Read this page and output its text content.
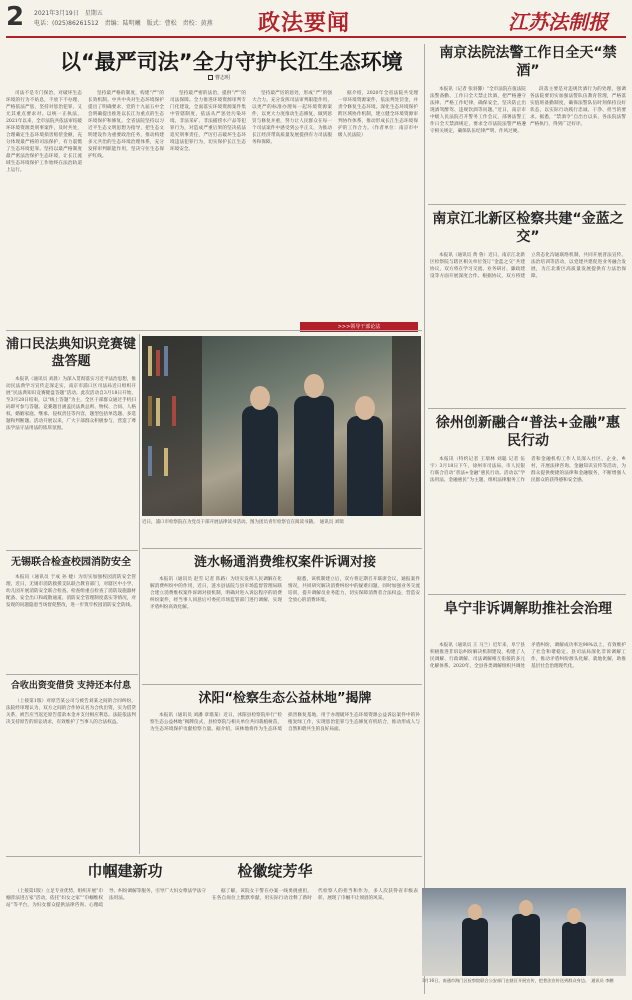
2 2021年3月19日　星期五
电话：(025)86261512　责编：陆明曦　版式：曹松　责校：黄燕 政法要闻	江苏法制报
以“最严司法”全力守护长江生态环境
曹志明

司法不是专门保治，对破坏生态环境的行为不姑息，不放下不办理，严格依法严惩，坚持对惩治犯罪，又尤其重点要求对。以统一正执法，2021年以来，全市法院共依法审结破坏环境资源类刑事案件，及时共处，合理确定生态环境损害赔偿金额，充分体现最严格的司法保护，有力震慑了生态环境犯罪。坚持以最严格制度最严密法治保护生态环境，让长江流域生态环境保护工作始终在法治轨道上运行。

坚持最严格的制度，构建“严”的长效机制。中共中央对生态环境保护提出了明确要求，党的十九届五中全会明确提出推进以长江为重点的生态环境保护和修复。全省法院坚持以习近平生态文明思想为指导，把生态文明建设作为重要政治任务，推动构建多元共治的生态环境治理体系，充分发挥审判职能作用，坚决守住生态保护红线。

坚持最严密的法治，提供“严”的司法保障。全力推进环境资源审判专门化建设，全面落实环境资源案件集中管辖制度，依法从严惩处污染环境、非法采矿、非法捕捞水产品等犯罪行为，对造成严重后果的坚决依法追究刑事责任，严厉打击破坏生态环境违法犯罪行为，切实保护长江生态环境安全。

坚持最严厉的惩处，形成“严”的强大合力。充分发挥司法审判职能作用，以更严的标准办理每一起环境资源案件，以更大力度推动生态修复，做到惩罚与修复并重，努力让人民群众在每一个司法案件中感受到公平正义，为推动长江经济带高质量发展提供有力司法服务和保障。

据介绍，2020年全省法院共受理一审环境资源案件，依法判处罚金，并责令修复生态环境。深化生态环境保护跨区域协作机制，建立健全环境资源审判协作体系，推动形成长江生态环境保护的工作合力。（作者单位：南京市中级人民法院）

>>>领导干部论法
南京法院法警工作日全天“禁酒”

本报讯（记者 张羽馨）“全市法院在值法院法警备勤、工作日全天禁止饮酒，把严格遵守法律、严格工作纪律，确保安全，坚决防止出现酒驾醉驾、违规饮酒等问题。”近日，南京市中级人民法院召开警务工作会议，部署法警工作日全天禁酒规定，要求全市法院法警严格遵守相关规定，确保队伍纪律严明、作风过硬。

段落主要是对违规饮酒行为的处理，强调各法院要切实加强法警队伍教育管理，严格落实值班备勤制度，确保法警队伍时刻保持良好状态，以实际行动践行忠诚、干净、担当的要求。据悉，“禁酒令”自出台以来，各法院法警严格执行，得到广泛好评。

南京江北新区检察共建“金蓝之交”

本报讯（通讯员 黄 鲁）近日，南京江北新区检察院与辖区相关单位签订“金蓝之交”共建协议，双方将在学习交流、业务研讨、廉政建设等方面开展深度合作。根据协议，双方将建立常态化沟通联络机制，共同开展普法宣传、法治培训等活动，以党建共建促进业务融合发展，为江北新区高质量发展提供有力法治保障。

徐州创新融合“普法+金融”惠民行动

本报讯（特约记者 王瑞林 刘聪 记者 伍 宇）3月18日下午，徐州市司法局、市人民银行联合启动“普法+金融”惠民行动。活动以“学法用法、金融惠民”为主题，组织法律服务工作者和金融机构工作人员深入社区、企业、乡村，开展法律咨询、金融知识宣传等活动，为群众提供便捷的法律和金融服务，不断增强人民群众的获得感和安全感。

阜宁非诉调解助推社会治理

本报讯（通讯员 王 马兰）近年来，阜宁县积极推进非诉讼纠纷解决机制建设，构建了人民调解、行政调解、司法调解相互衔接的多元化解体系。2020年，全县各类调解组织共调处矛盾纠纷，调解成功率达98%以上，有效维护了社会和谐稳定。县司法局深化非诉调解工作，推动矛盾纠纷源头化解、就地化解，助推基层社会治理现代化。

浦口民法典知识竞赛键盘答题

本报讯（通讯员 刘晨）为深入贯彻落实习近平法治思想，推动民法典学习宣传走深走实，南京市浦口区司法局近日组织开展“民法典知识竞赛键盘答题”活动。此次活动自3月18日开始，至3月28日结束，以“线上答题”为主，全区干部群众通过手机扫码即可参与答题。竞赛题目涵盖民法典总则、物权、合同、人格权、婚姻家庭、继承、侵权责任等内容，题型包括单选题、多选题和判断题。活动开展以来，广大干部群众积极参与，营造了尊法学法守法用法的浓厚氛围。

无锡联合检查校园消防安全

本报讯（通讯员 于成 孙 婕）为切实加强校园消防安全管理，近日，无锡市消防救援支队联合教育部门，对辖区中小学、幼儿园开展消防安全联合检查。检查组重点检查了消防设施器材配备、安全出口和疏散通道、消防安全管理制度落实等情况，对发现的问题隐患当场督促整改，进一步筑牢校园消防安全防线。

合收出资变借贷 支持还本付息

（上接第1版）对原告某公司与被告刘某之间的合同纠纷，法院经审理认为，双方之间的合作协议名为合伙出资，实为借贷关系，被告应当返还原告借款本金并支付相应利息。法院依法判决支持原告的诉讼请求，有效维护了当事人的合法权益。

近日，浦口市检察院在为党员干部开展法律读书活动。图为团员青年检察官在阅读书籍。　 通讯员 刘瑞
涟水畅通消费维权案件诉调对接

本报讯（通讯员 赵雪 记者 阵路）为切实发挥人民调解在化解消费纠纷中的作用，近日，涟水县法院与县市场监督管理局联合建立消费维权案件诉调对接机制，明确对进入诉讼程序的消费纠纷案件，经当事人同意后可委托市场监管部门进行调解，实现矛盾纠纷高效化解。

据悉，该机制建立后，双方将定期召开联席会议，通报案件情况，共同研究解决消费纠纷中的疑难问题。同时加强业务交流培训，提升调解员业务能力，切实保障消费者合法权益，营造安全放心的消费环境。

沭阳“检察生态公益林地”揭牌

本报讯（通讯员 刘潘 章墙某）近日，沭阳县检察院举行“检察生态公益林地”揭牌仪式，县检察院与相关单位共同栽植树苗，为生态环境保护贡献检察力量。据介绍，该林地将作为生态环境损害修复基地，用于办理破坏生态环境资源公益诉讼案件中的补植复绿工作，实现惩治犯罪与生态修复有机结合，推动形成人与自然和谐共生的良好局面。

巾帼建新功	检徽绽芳华

（上接第1版）立足专业优势，组织开展“巾帼普法进万家”活动，依托“妇女之家”“巾帼维权站”等平台，为妇女群众提供法律咨询、心理疏导、纠纷调解等服务，引导广大妇女尊法学法守法用法。

据了解，该院女干警在办案一线勇挑重担，在各自岗位上默默奉献，用实际行动诠释了新时代检察人的担当和作为，多人次获得省市级表彰，展现了巾帼不让须眉的风采。

3月16日，南通市海门区检察院联合公安部门在辖区开展宣传，把普法宣传送到群众身边。　 通讯员 李鹏
